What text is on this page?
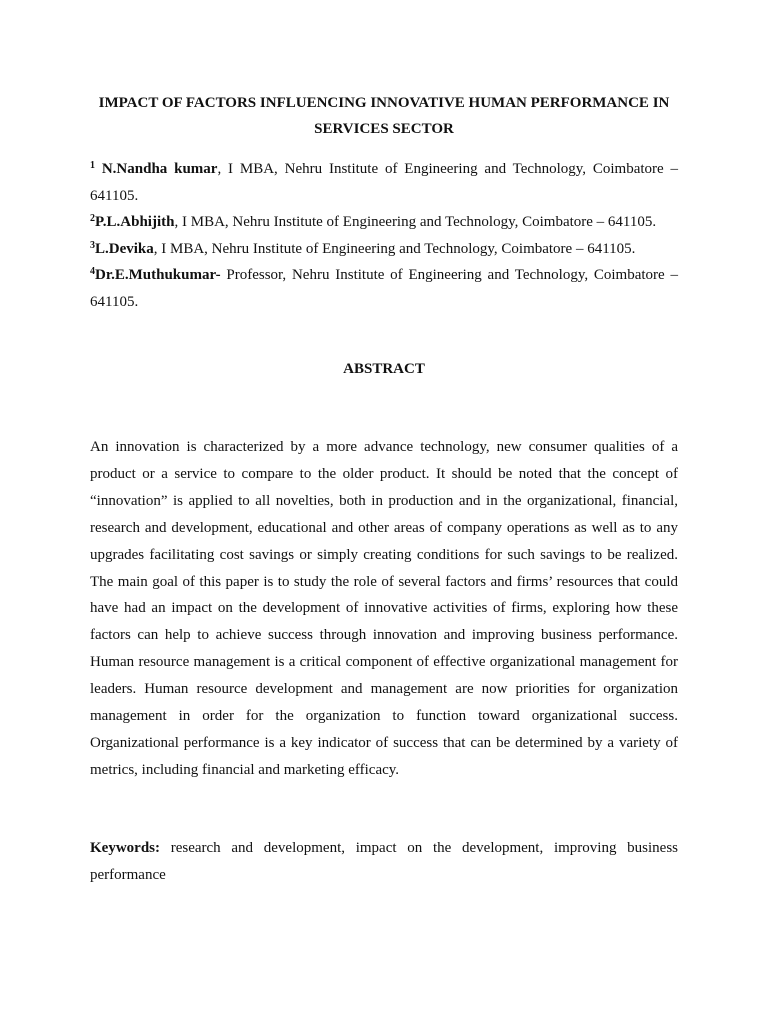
IMPACT OF FACTORS INFLUENCING INNOVATIVE HUMAN PERFORMANCE IN SERVICES SECTOR

$^1$ N.Nandha kumar, I MBA, Nehru Institute of Engineering and Technology, Coimbatore – 641105.

$^2$P.L.Abhijith, I MBA, Nehru Institute of Engineering and Technology, Coimbatore – 641105.

$^3$L.Devika, I MBA, Nehru Institute of Engineering and Technology, Coimbatore – 641105.

$^4$Dr.E.Muthukumar- Professor, Nehru Institute of Engineering and Technology, Coimbatore – 641105.

ABSTRACT

An innovation is characterized by a more advance technology, new consumer qualities of a product or a service to compare to the older product. It should be noted that the concept of “innovation” is applied to all novelties, both in production and in the organizational, financial, research and development, educational and other areas of company operations as well as to any upgrades facilitating cost savings or simply creating conditions for such savings to be realized. The main goal of this paper is to study the role of several factors and firms’ resources that could have had an impact on the development of innovative activities of firms, exploring how these factors can help to achieve success through innovation and improving business performance. Human resource management is a critical component of effective organizational management for leaders. Human resource development and management are now priorities for organization management in order for the organization to function toward organizational success. Organizational performance is a key indicator of success that can be determined by a variety of metrics, including financial and marketing efficacy.

Keywords: research and development, impact on the development, improving business performance
